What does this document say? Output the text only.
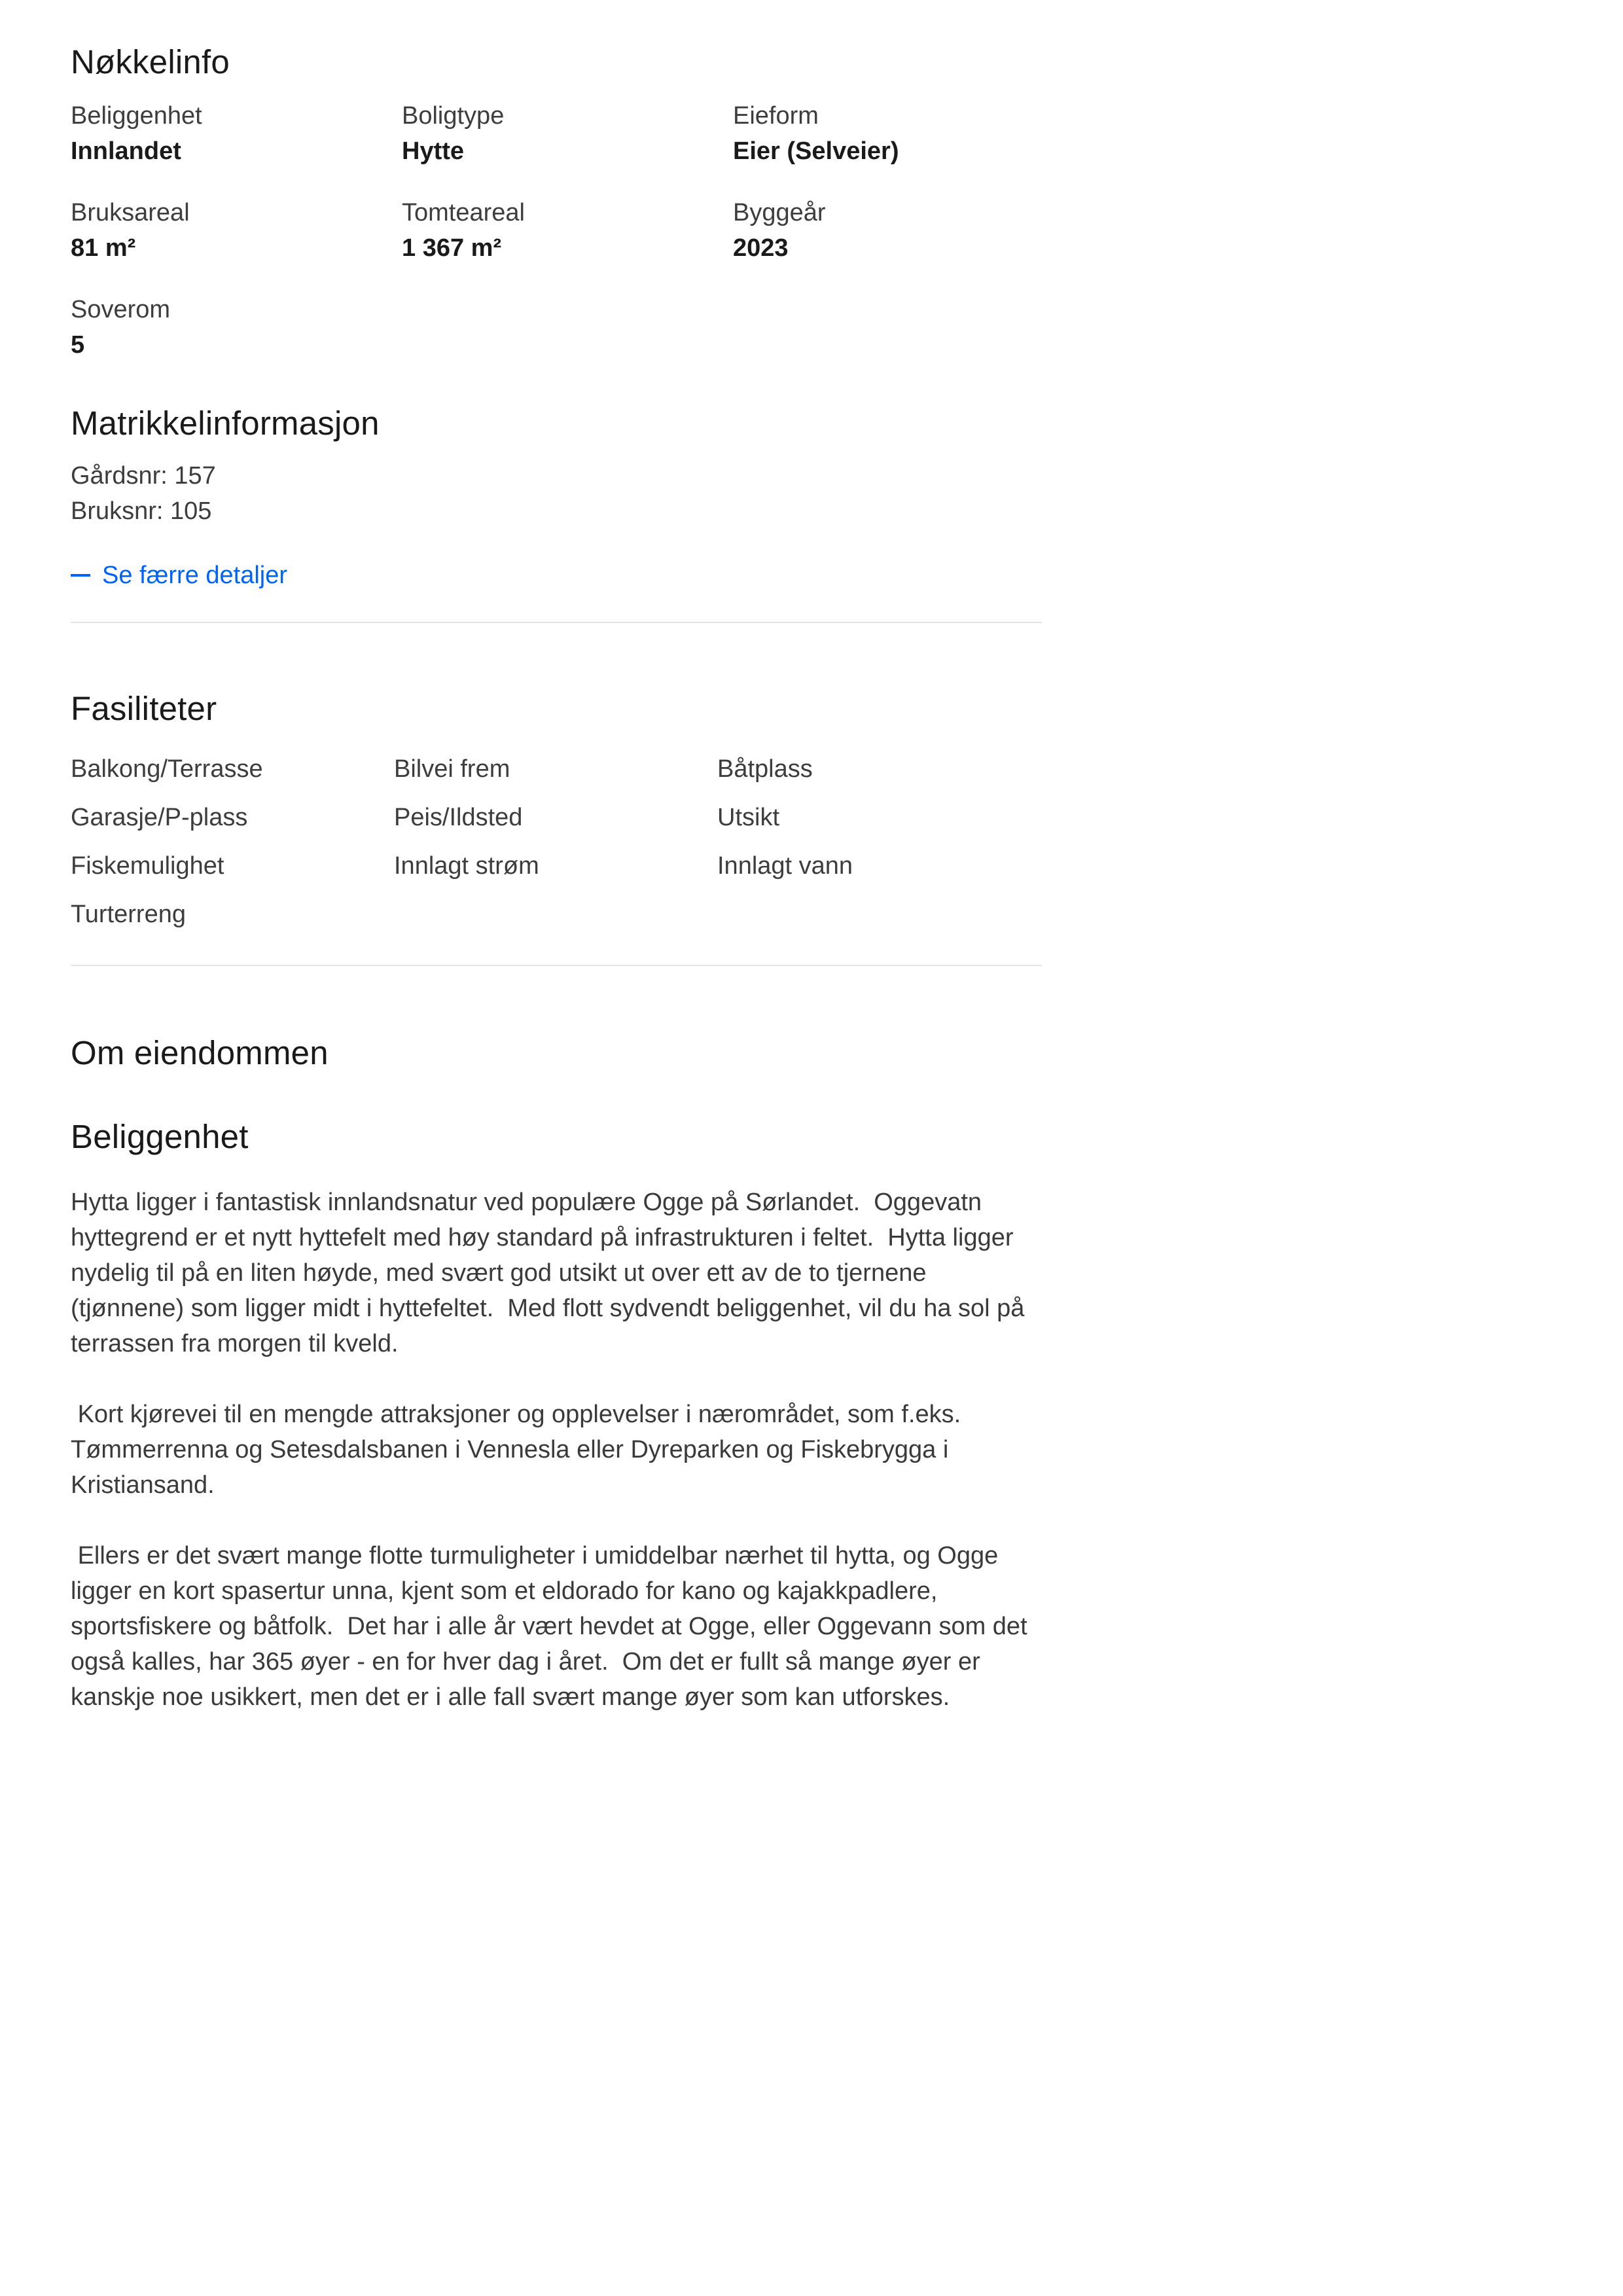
Nøkkelinfo
Beliggenhet
Innlandet
Boligtype
Hytte
Eieform
Eier (Selveier)
Bruksareal
81 m²
Tomteareal
1 367 m²
Byggeår
2023
Soverom
5
Matrikkelinformasjon
Gårdsnr: 157
Bruksnr: 105
Se færre detaljer
Fasiliteter
Balkong/Terrasse	Bilvei frem	Båtplass
Garasje/P-plass	Peis/Ildsted	Utsikt
Fiskemulighet	Innlagt strøm	Innlagt vann
Turterreng
Om eiendommen
Beliggenhet

Hytta ligger i fantastisk innlandsnatur ved populære Ogge på Sørlandet.  Oggevatn hyttegrend er et nytt hyttefelt med høy standard på infrastrukturen i feltet.  Hytta ligger nydelig til på en liten høyde, med svært god utsikt ut over ett av de to tjernene (tjønnene) som ligger midt i hyttefeltet.  Med flott sydvendt beliggenhet, vil du ha sol på terrassen fra morgen til kveld.

Kort kjørevei til en mengde attraksjoner og opplevelser i nærområdet, som f.eks. Tømmerrenna og Setesdalsbanen i Vennesla eller Dyreparken og Fiskebrygga i Kristiansand.

Ellers er det svært mange flotte turmuligheter i umiddelbar nærhet til hytta, og Ogge ligger en kort spasertur unna, kjent som et eldorado for kano og kajakkpadlere, sportsfiskere og båtfolk.  Det har i alle år vært hevdet at Ogge, eller Oggevann som det også kalles, har 365 øyer - en for hver dag i året.  Om det er fullt så mange øyer er kanskje noe usikkert, men det er i alle fall svært mange øyer som kan utforskes.
